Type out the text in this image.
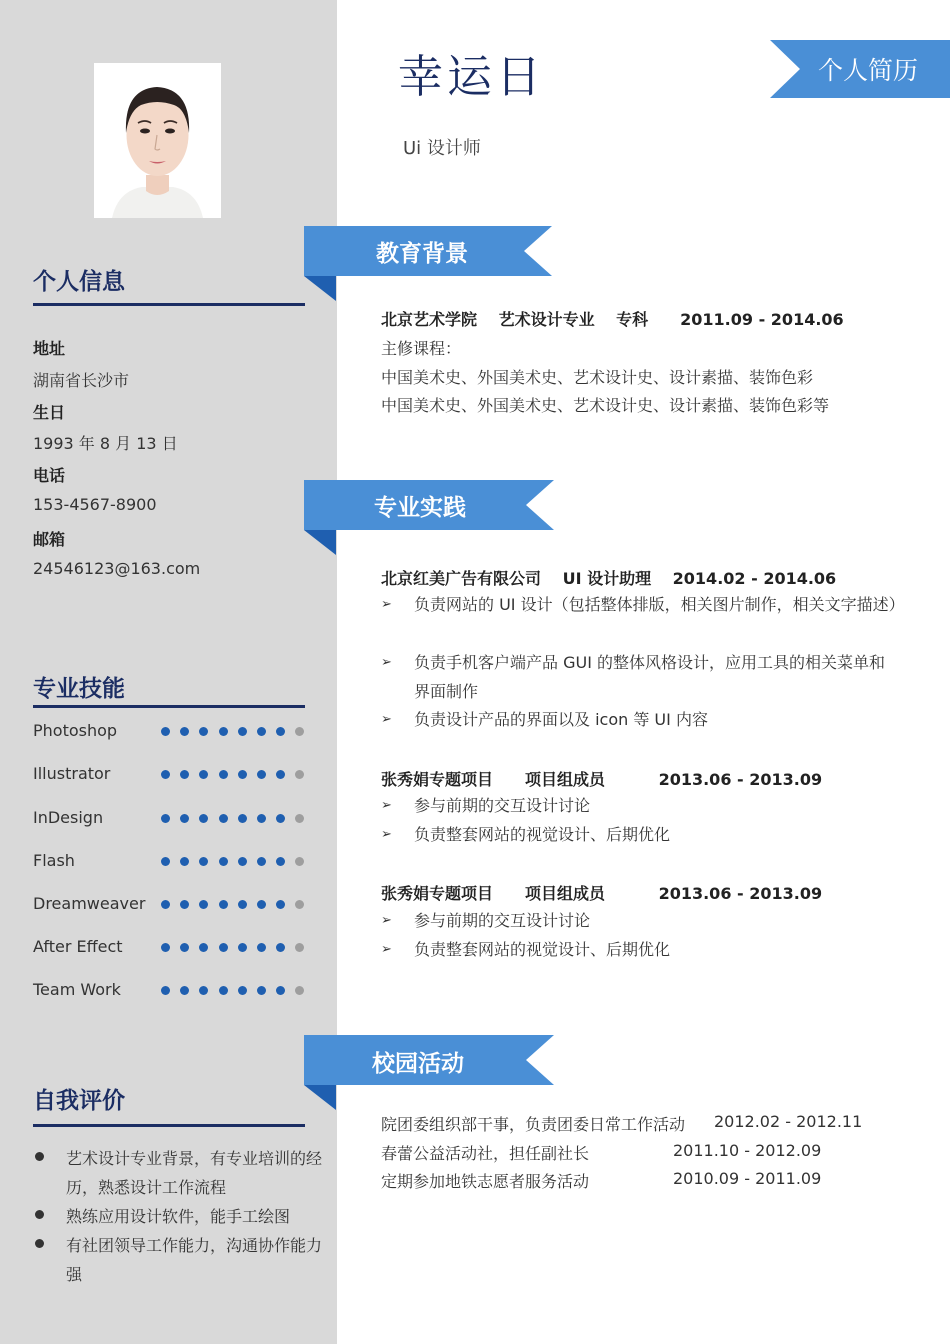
个人信息
地址
湖南省长沙市
生日
1993 年 8 月 13 日
电话
153-4567-8900
邮箱
24546123@163.com
专业技能
Photoshop
Illustrator
InDesign
Flash
Dreamweaver
After Effect
Team Work
自我评价
艺术设计专业背景，有专业培训的经历，熟悉设计工作流程
熟练应用设计软件，能手工绘图
有社团领导工作能力，沟通协作能力强
幸运日
Ui 设计师
个人简历
教育背景
专业实践
校园活动
北京艺术学院　 艺术设计专业　 专科　　2011.09 - 2014.06
主修课程：
中国美术史、外国美术史、艺术设计史、设计素描、装饰色彩
中国美术史、外国美术史、艺术设计史、设计素描、装饰色彩等
北京红美广告有限公司　 UI 设计助理　 2014.02 - 2014.06
➢ 负责网站的 UI 设计（包括整体排版，相关图片制作，相关文字描述）
➢ 负责手机客户端产品 GUI 的整体风格设计，应用工具的相关菜单和界面制作
➢ 负责设计产品的界面以及 icon 等 UI 内容
张秀娟专题项目　　项目组成员　　　 2013.06 - 2013.09
➢ 参与前期的交互设计讨论
➢ 负责整套网站的视觉设计、后期优化
张秀娟专题项目　　项目组成员　　　 2013.06 - 2013.09
➢ 参与前期的交互设计讨论
➢ 负责整套网站的视觉设计、后期优化
院团委组织部干事，负责团委日常工作活动 2012.02 - 2012.11
春蕾公益活动社，担任副社长	2011.10 - 2012.09
定期参加地铁志愿者服务活动	2010.09 - 2011.09
